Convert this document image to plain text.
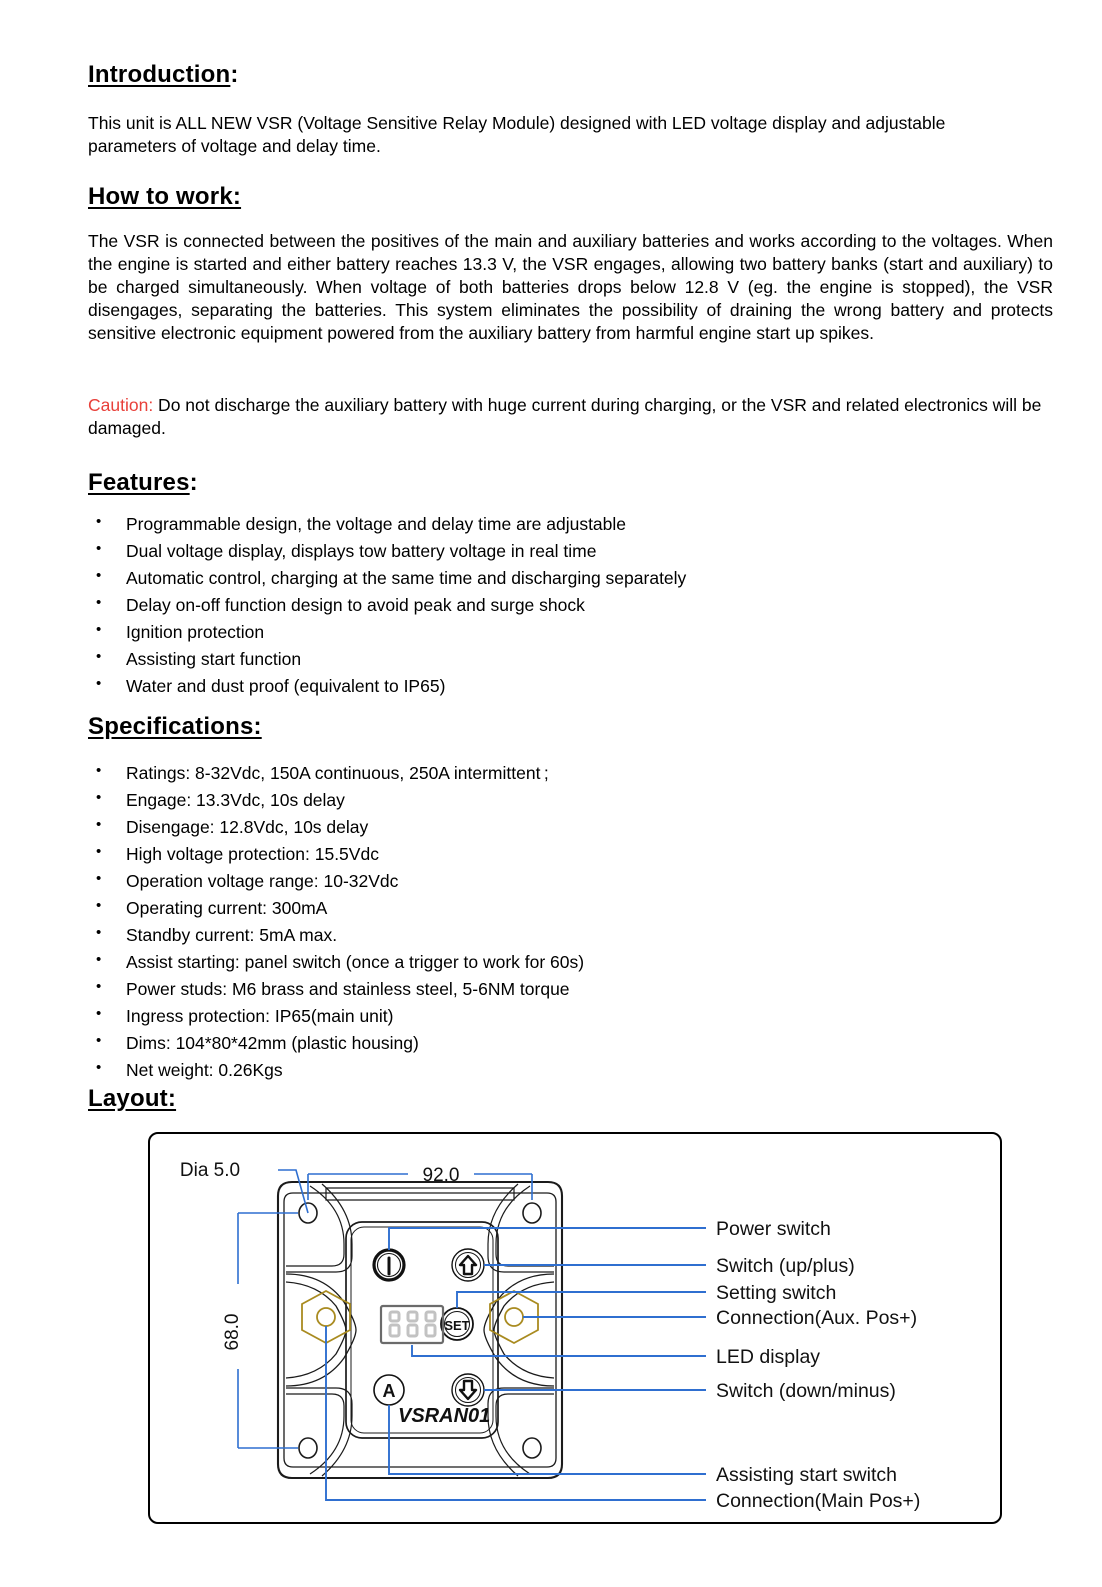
Introduction:

This unit is ALL NEW VSR (Voltage Sensitive Relay Module) designed with LED voltage display and adjustable parameters of voltage and delay time.

How to work:

The VSR is connected between the positives of the main and auxiliary batteries and works according to the voltages. When the engine is started and either battery reaches 13.3 V, the VSR engages, allowing two battery banks (start and auxiliary) to be charged simultaneously. When voltage of both batteries drops below 12.8 V (eg. the engine is stopped), the VSR disengages, separating the batteries. This system eliminates the possibility of draining the wrong battery and protects sensitive electronic equipment powered from the auxiliary battery from harmful engine start up spikes.

Caution: Do not discharge the auxiliary battery with huge current during charging, or the VSR and related electronics will be damaged.

Features:
• Programmable design, the voltage and delay time are adjustable
• Dual voltage display, displays tow battery voltage in real time
• Automatic control, charging at the same time and discharging separately
• Delay on-off function design to avoid peak and surge shock
• Ignition protection
• Assisting start function
• Water and dust proof (equivalent to IP65)
Specifications:
• Ratings: 8-32Vdc, 150A continuous, 250A intermittent ;
• Engage: 13.3Vdc, 10s delay
• Disengage: 12.8Vdc, 10s delay
• High voltage protection: 15.5Vdc
• Operation voltage range: 10-32Vdc
• Operating current: 300mA
• Standby current: 5mA max.
• Assist starting: panel switch (once a trigger to work for 60s)
• Power studs: M6 brass and stainless steel, 5-6NM torque
• Ingress protection: IP65(main unit)
• Dims: 104*80*42mm (plastic housing)
• Net weight: 0.26Kgs
Layout:
SET
A
VSRAN01
92.0
68.0
Dia 5.0
Power switch
Switch (up/plus)
Setting switch
Connection(Aux. Pos+)
LED display
Switch (down/minus)
Assisting start switch
Connection(Main Pos+)
